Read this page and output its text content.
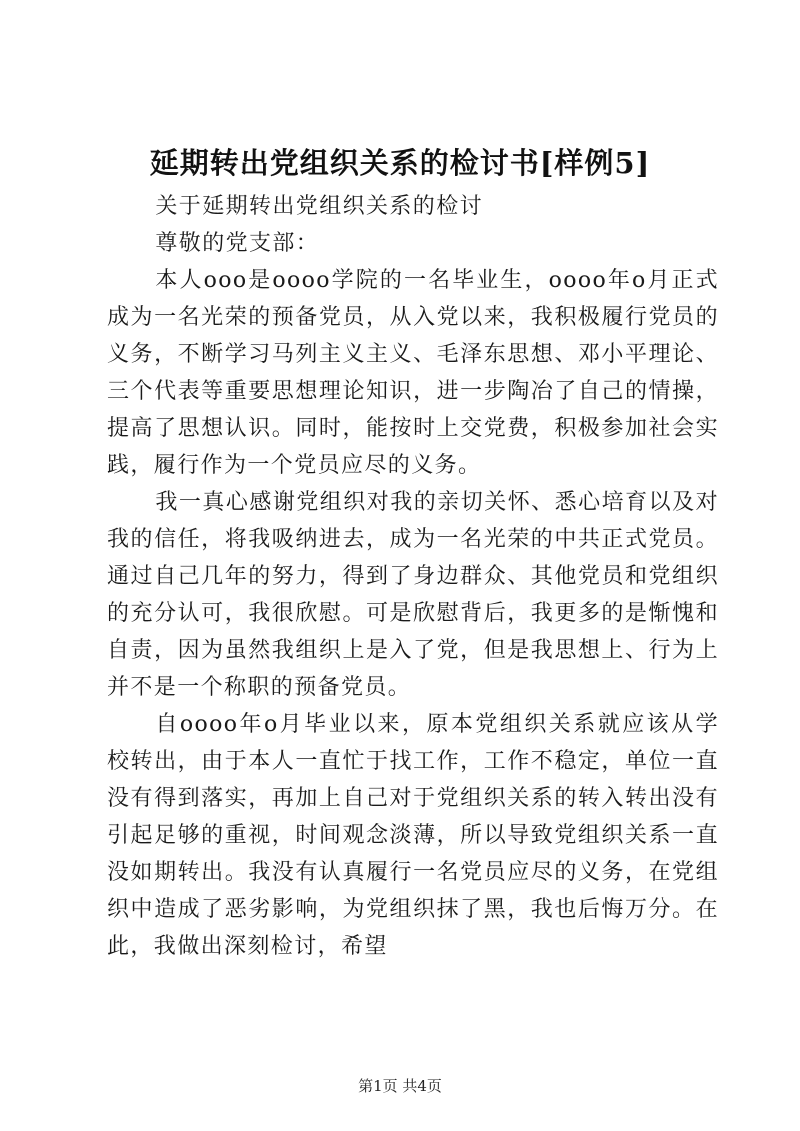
延期转出党组织关系的检讨书[样例5]

关于延期转出党组织关系的检讨

尊敬的党支部：

本人ooo是oooo学院的一名毕业生，oooo年o月正式成为一名光荣的预备党员，从入党以来，我积极履行党员的义务，不断学习马列主义主义、毛泽东思想、邓小平理论、三个代表等重要思想理论知识，进一步陶冶了自己的情操，提高了思想认识。同时，能按时上交党费，积极参加社会实践，履行作为一个党员应尽的义务。

我一真心感谢党组织对我的亲切关怀、悉心培育以及对我的信任，将我吸纳进去，成为一名光荣的中共正式党员。通过自己几年的努力，得到了身边群众、其他党员和党组织的充分认可，我很欣慰。可是欣慰背后，我更多的是惭愧和自责，因为虽然我组织上是入了党，但是我思想上、行为上并不是一个称职的预备党员。

自oooo年o月毕业以来，原本党组织关系就应该从学校转出，由于本人一直忙于找工作，工作不稳定，单位一直没有得到落实，再加上自己对于党组织关系的转入转出没有引起足够的重视，时间观念淡薄，所以导致党组织关系一直没如期转出。我没有认真履行一名党员应尽的义务，在党组织中造成了恶劣影响，为党组织抹了黑，我也后悔万分。在此，我做出深刻检讨，希望

第1页 共4页
